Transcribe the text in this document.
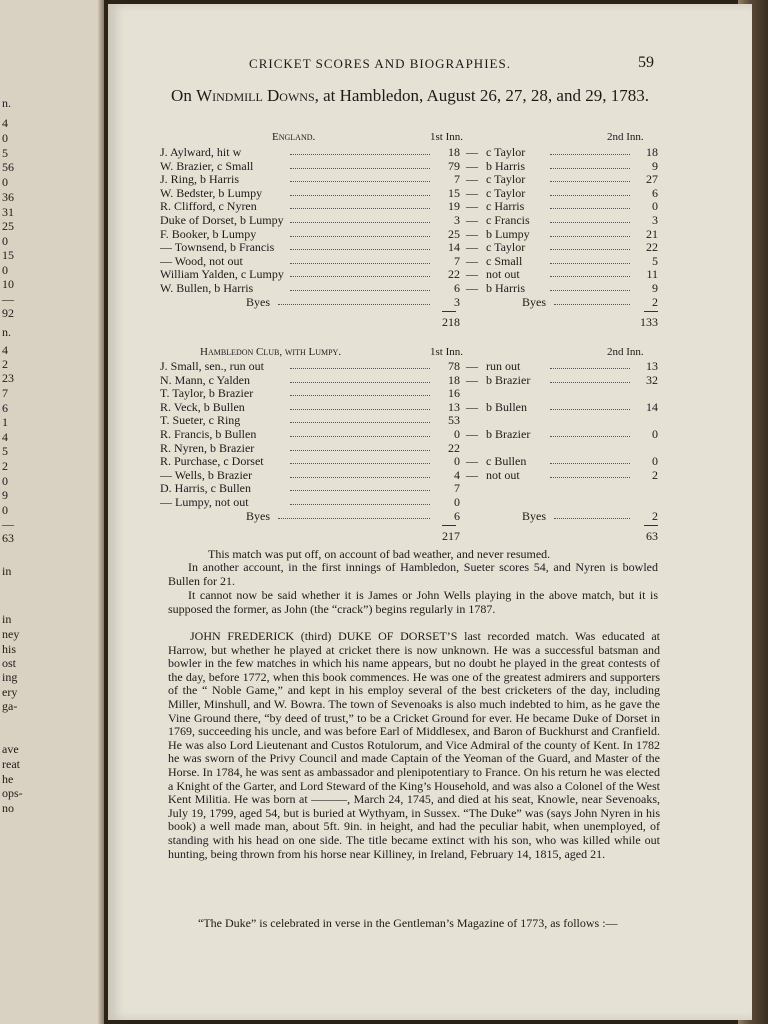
n.
4
0
5
56
0
36
31
25
0
15
0
10
—
92
n.
4
2
23
7
6
1
4
5
2
0
9
0
—
63
in
in
ney
his
ost
ing
ery
ga-
ave
reat
he
ops-
no
CRICKET SCORES AND BIOGRAPHIES.	59
On Windmill Downs, at Hambledon, August 26, 27, 28, and 29, 1783.
England.	1st Inn.	2nd Inn.
J. Aylward, hit w	18 — c Taylor	18
W. Brazier, c Small	79 — b Harris	9
J. Ring, b Harris	7 — c Taylor	27
W. Bedster, b Lumpy	15 — c Taylor	6
R. Clifford, c Nyren	19 — c Harris	0
Duke of Dorset, b Lumpy	3 — c Francis	3
F. Booker, b Lumpy	25 — b Lumpy	21
— Townsend, b Francis	14 — c Taylor	22
— Wood, not out	7 — c Small	5
William Yalden, c Lumpy	22 — not out	11
W. Bullen, b Harris	6 — b Harris	9
Byes	3	Byes	2
218	133
Hambledon Club, with Lumpy.	1st Inn.	2nd Inn.
J. Small, sen., run out	78 — run out	13
N. Mann, c Yalden	18 — b Brazier	32
T. Taylor, b Brazier	16
R. Veck, b Bullen	13 — b Bullen	14
T. Sueter, c Ring	53
R. Francis, b Bullen	0 — b Brazier	0
R. Nyren, b Brazier	22
R. Purchase, c Dorset	0 — c Bullen	0
— Wells, b Brazier	4 — not out	2
D. Harris, c Bullen	7
— Lumpy, not out	0
Byes	6	Byes	2
217	63
This match was put off, on account of bad weather, and never resumed.
In another account, in the first innings of Hambledon, Sueter scores 54, and Nyren is bowled Bullen for 21.
It cannot now be said whether it is James or John Wells playing in the above match, but it is supposed the former, as John (the “crack”) begins regularly in 1787.
JOHN FREDERICK (third) DUKE OF DORSET’S last recorded match. Was educated at Harrow, but whether he played at cricket there is now unknown. He was a successful batsman and bowler in the few matches in which his name appears, but no doubt he played in the great contests of the day, before 1772, when this book commences. He was one of the greatest admirers and supporters of the “ Noble Game,” and kept in his employ several of the best cricketers of the day, including Miller, Minshull, and W. Bowra. The town of Sevenoaks is also much indebted to him, as he gave the Vine Ground there, “by deed of trust,” to be a Cricket Ground for ever. He became Duke of Dorset in 1769, succeeding his uncle, and was before Earl of Middlesex, and Baron of Buckhurst and Cranfield. He was also Lord Lieutenant and Custos Rotulorum, and Vice Admiral of the county of Kent. In 1782 he was sworn of the Privy Council and made Captain of the Yeoman of the Guard, and Master of the Horse. In 1784, he was sent as ambassador and plenipotentiary to France. On his return he was elected a Knight of the Garter, and Lord Steward of the King’s Household, and was also a Colonel of the West Kent Militia. He was born at ———, March 24, 1745, and died at his seat, Knowle, near Sevenoaks, July 19, 1799, aged 54, but is buried at Wythyam, in Sussex. “The Duke” was (says John Nyren in his book) a well made man, about 5ft. 9in. in height, and had the peculiar habit, when unemployed, of standing with his head on one side. The title became extinct with his son, who was killed while out hunting, being thrown from his horse near Killiney, in Ireland, February 14, 1815, aged 21.
“The Duke” is celebrated in verse in the Gentleman’s Magazine of 1773, as follows :—
